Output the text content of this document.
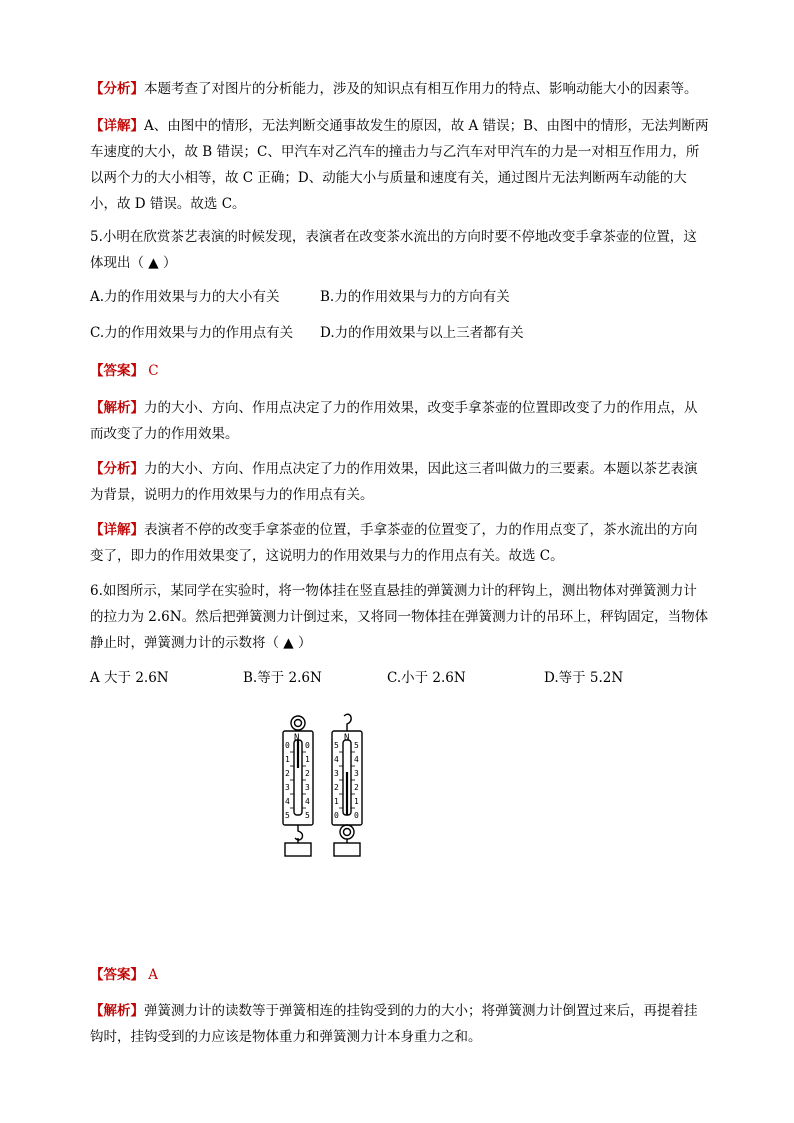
【分析】本题考查了对图片的分析能力，涉及的知识点有相互作用力的特点、影响动能大小的因素等。
【详解】A、由图中的情形，无法判断交通事故发生的原因，故 A 错误；B、由图中的情形，无法判断两车速度的大小，故 B 错误；C、甲汽车对乙汽车的撞击力与乙汽车对甲汽车的力是一对相互作用力，所以两个力的大小相等，故 C 正确；D、动能大小与质量和速度有关，通过图片无法判断两车动能的大小，故 D 错误。故选 C。
5.小明在欣赏茶艺表演的时候发现，表演者在改变茶水流出的方向时要不停地改变手拿茶壶的位置，这体现出（ ▲ ）
A.力的作用效果与力的大小有关	B.力的作用效果与力的方向有关
C.力的作用效果与力的作用点有关 D.力的作用效果与以上三者都有关
【答案】 C
【解析】力的大小、方向、作用点决定了力的作用效果，改变手拿茶壶的位置即改变了力的作用点，从而改变了力的作用效果。
【分析】力的大小、方向、作用点决定了力的作用效果，因此这三者叫做力的三要素。本题以茶艺表演为背景，说明力的作用效果与力的作用点有关。
【详解】表演者不停的改变手拿茶壶的位置，手拿茶壶的位置变了，力的作用点变了，茶水流出的方向变了，即力的作用效果变了，这说明力的作用效果与力的作用点有关。故选 C。
6.如图所示，某同学在实验时，将一物体挂在竖直悬挂的弹簧测力计的秤钩上，测出物体对弹簧测力计的拉力为 2.6N。然后把弹簧测力计倒过来，又将同一物体挂在弹簧测力计的吊环上，秤钩固定，当物体静止时，弹簧测力计的示数将（ ▲ ）
A 大于 2.6N	B.等于 2.6N	C.小于 2.6N	D.等于 5.2N
【答案】 A
【解析】弹簧测力计的读数等于弹簧相连的挂钩受到的力的大小；将弹簧测力计倒置过来后，再提着挂钩时，挂钩受到的力应该是物体重力和弹簧测力计本身重力之和。
N	N
0
1
2
3
4
5
0
1
2
3
4
5
5
4
3
2
1
0
5
4
3
2
1
0
